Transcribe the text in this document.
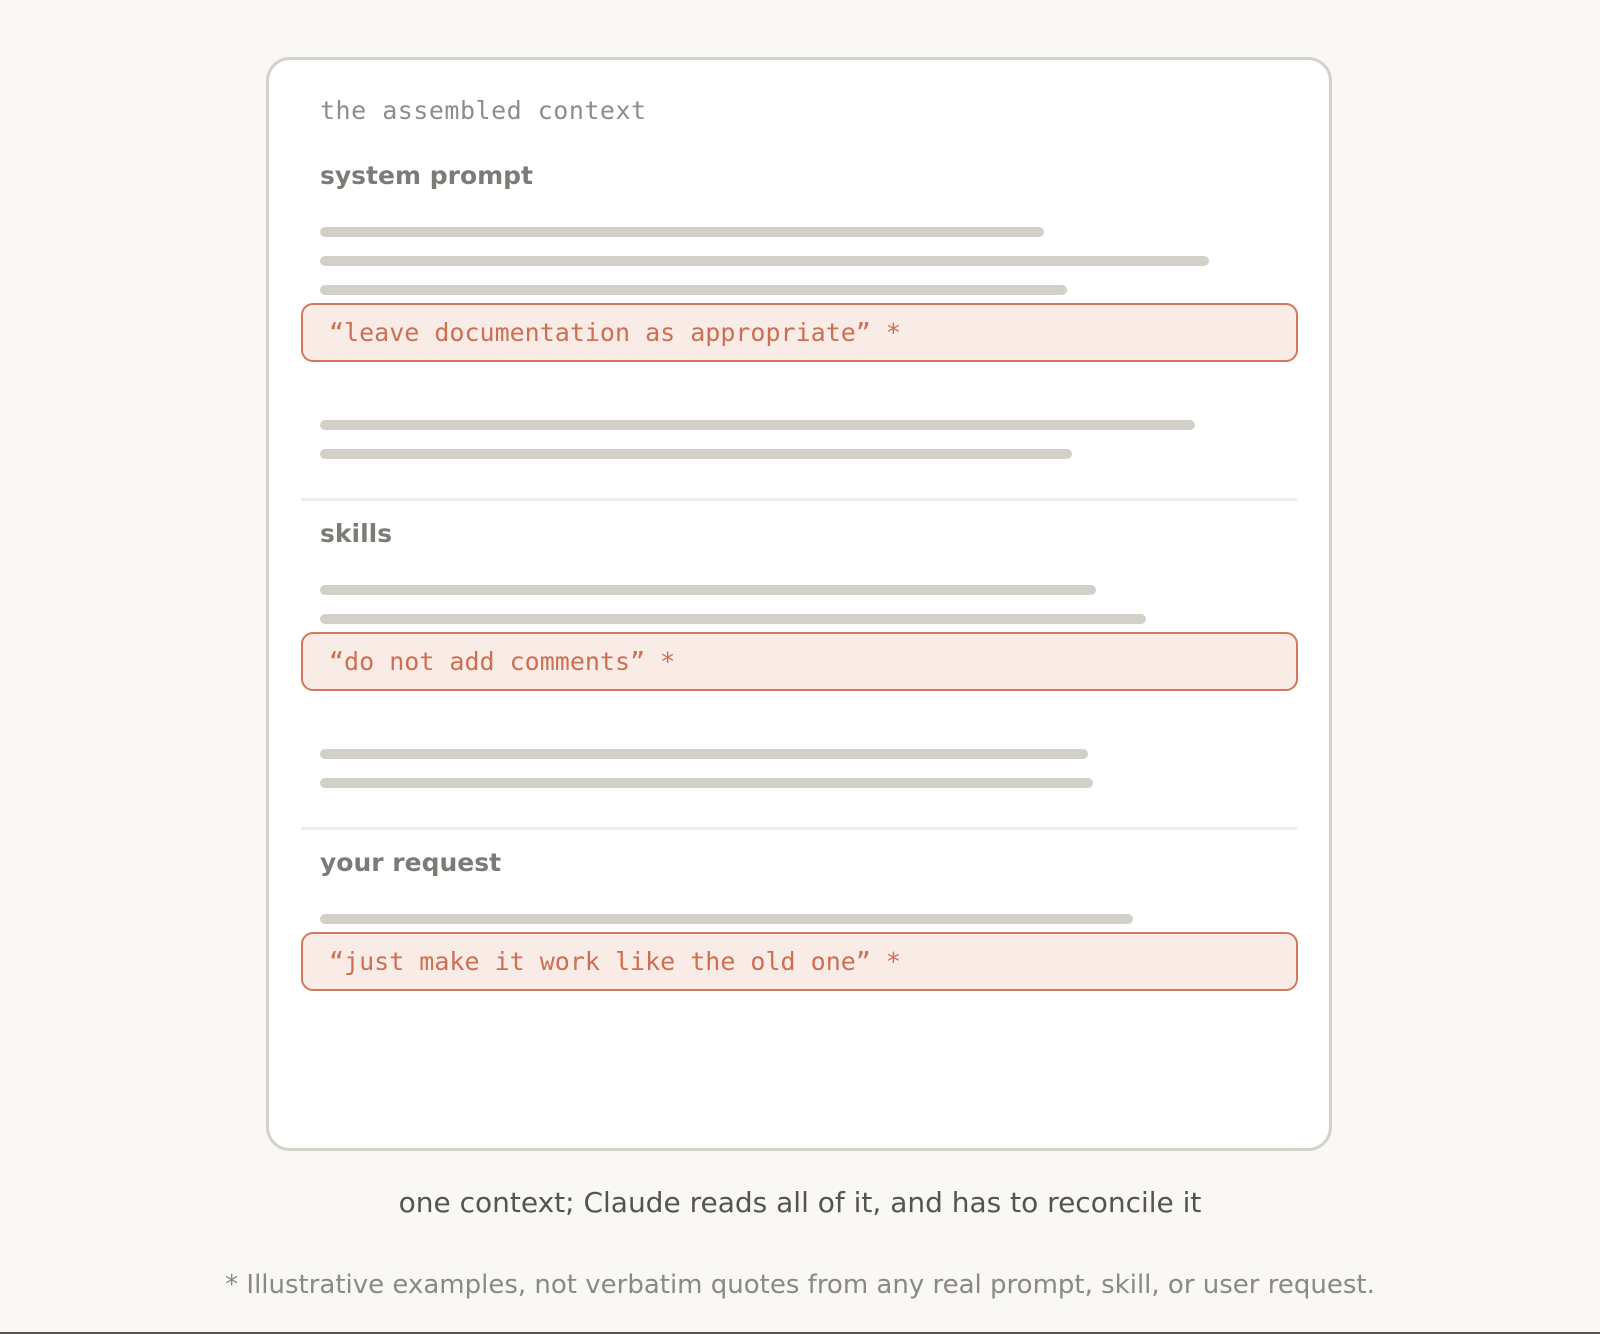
the assembled context
system prompt
“leave documentation as appropriate” *
skills
“do not add comments” *
your request
“just make it work like the old one” *
one context; Claude reads all of it, and has to reconcile it
* Illustrative examples, not verbatim quotes from any real prompt, skill, or user request.
